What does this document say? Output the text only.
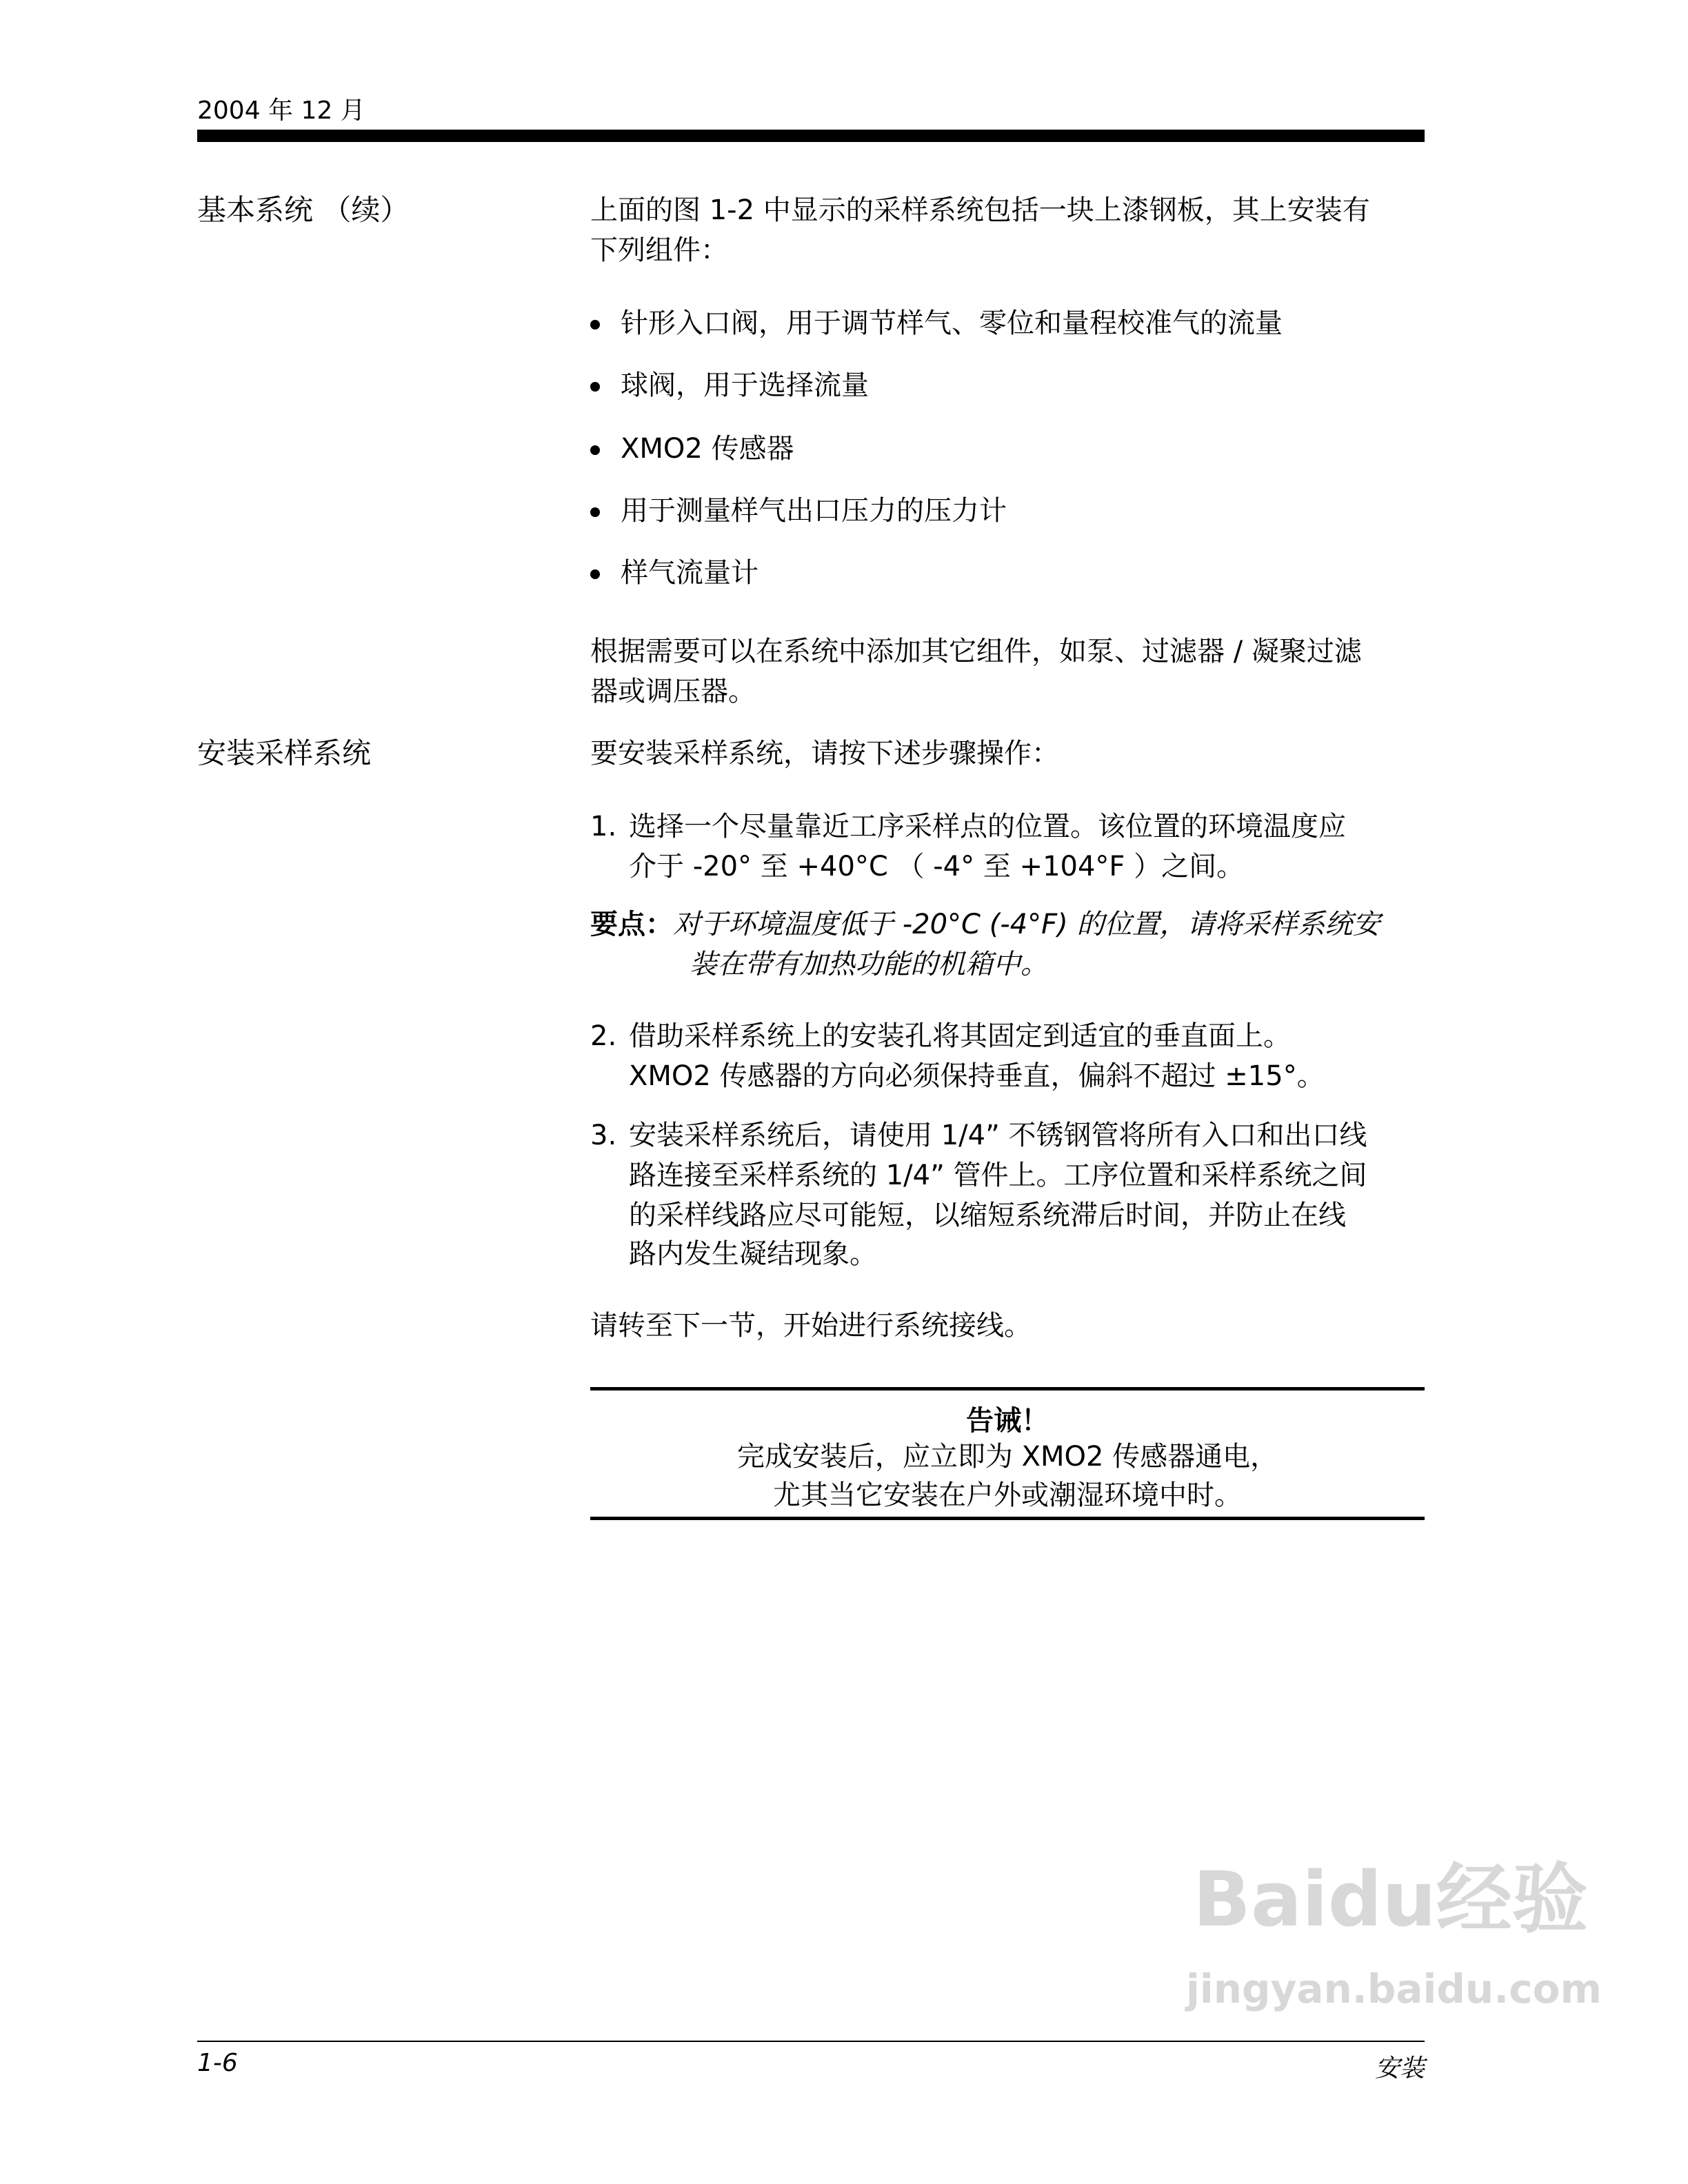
2004 年 12 月
基本系统 （续）	上面的图 1-2 中显示的采样系统包括一块上漆钢板，其上安装有
下列组件：
针形入口阀，用于调节样气、零位和量程校准气的流量
球阀，用于选择流量
XMO2 传感器
用于测量样气出口压力的压力计
样气流量计
根据需要可以在系统中添加其它组件，如泵、过滤器 / 凝聚过滤
器或调压器。
安装采样系统	要安装采样系统，请按下述步骤操作：
1. 选择一个尽量靠近工序采样点的位置。该位置的环境温度应
介于 -20° 至 +40°C （ -4° 至 +104°F ）之间。
要点：对于环境温度低于 -20°C (-4°F) 的位置，请将采样系统安
装在带有加热功能的机箱中。
2. 借助采样系统上的安装孔将其固定到适宜的垂直面上。
XMO2 传感器的方向必须保持垂直，偏斜不超过 ±15°。
3. 安装采样系统后，请使用 1/4” 不锈钢管将所有入口和出口线
路连接至采样系统的 1/4” 管件上。工序位置和采样系统之间
的采样线路应尽可能短，以缩短系统滞后时间，并防止在线
路内发生凝结现象。
请转至下一节，开始进行系统接线。
告诫！
完成安装后，应立即为 XMO2 传感器通电，
尤其当它安装在户外或潮湿环境中时。
Baidu经验
jingyan.baidu.com
1-6	安装
